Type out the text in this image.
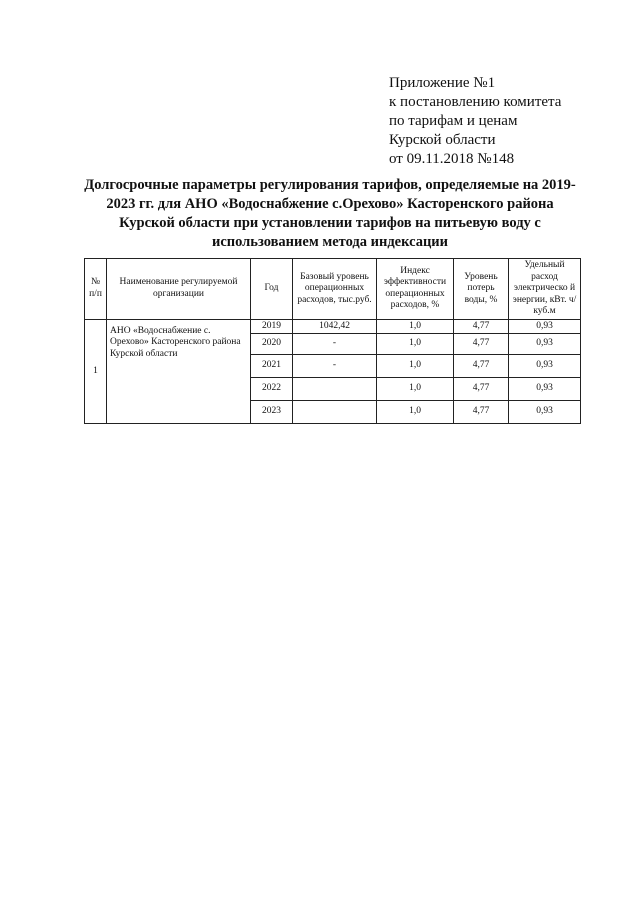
Приложение №1
к постановлению комитета
по тарифам и ценам
Курской области
от 09.11.2018 №148
Долгосрочные параметры регулирования тарифов, определяемые на 2019-2023 гг. для АНО «Водоснабжение с.Орехово» Касторенского района Курской области при установлении тарифов на питьевую воду с использованием метода индексации
№ п/п	Наименование регулируемой организации	Год	Базовый уровень операционных расходов, тыс.руб.	Индекс эффективности операционных расходов, %	Уровень потерь воды, %	Удельный расход электрическо й энергии, кВт. ч/куб.м
1	АНО «Водоснабжение с. Орехово» Касторенского района Курской области	2019	1042,42	1,0	4,77	0,93
		2020	-	1,0	4,77	0,93
		2021	-	1,0	4,77	0,93
		2022		1,0	4,77	0,93
		2023		1,0	4,77	0,93
